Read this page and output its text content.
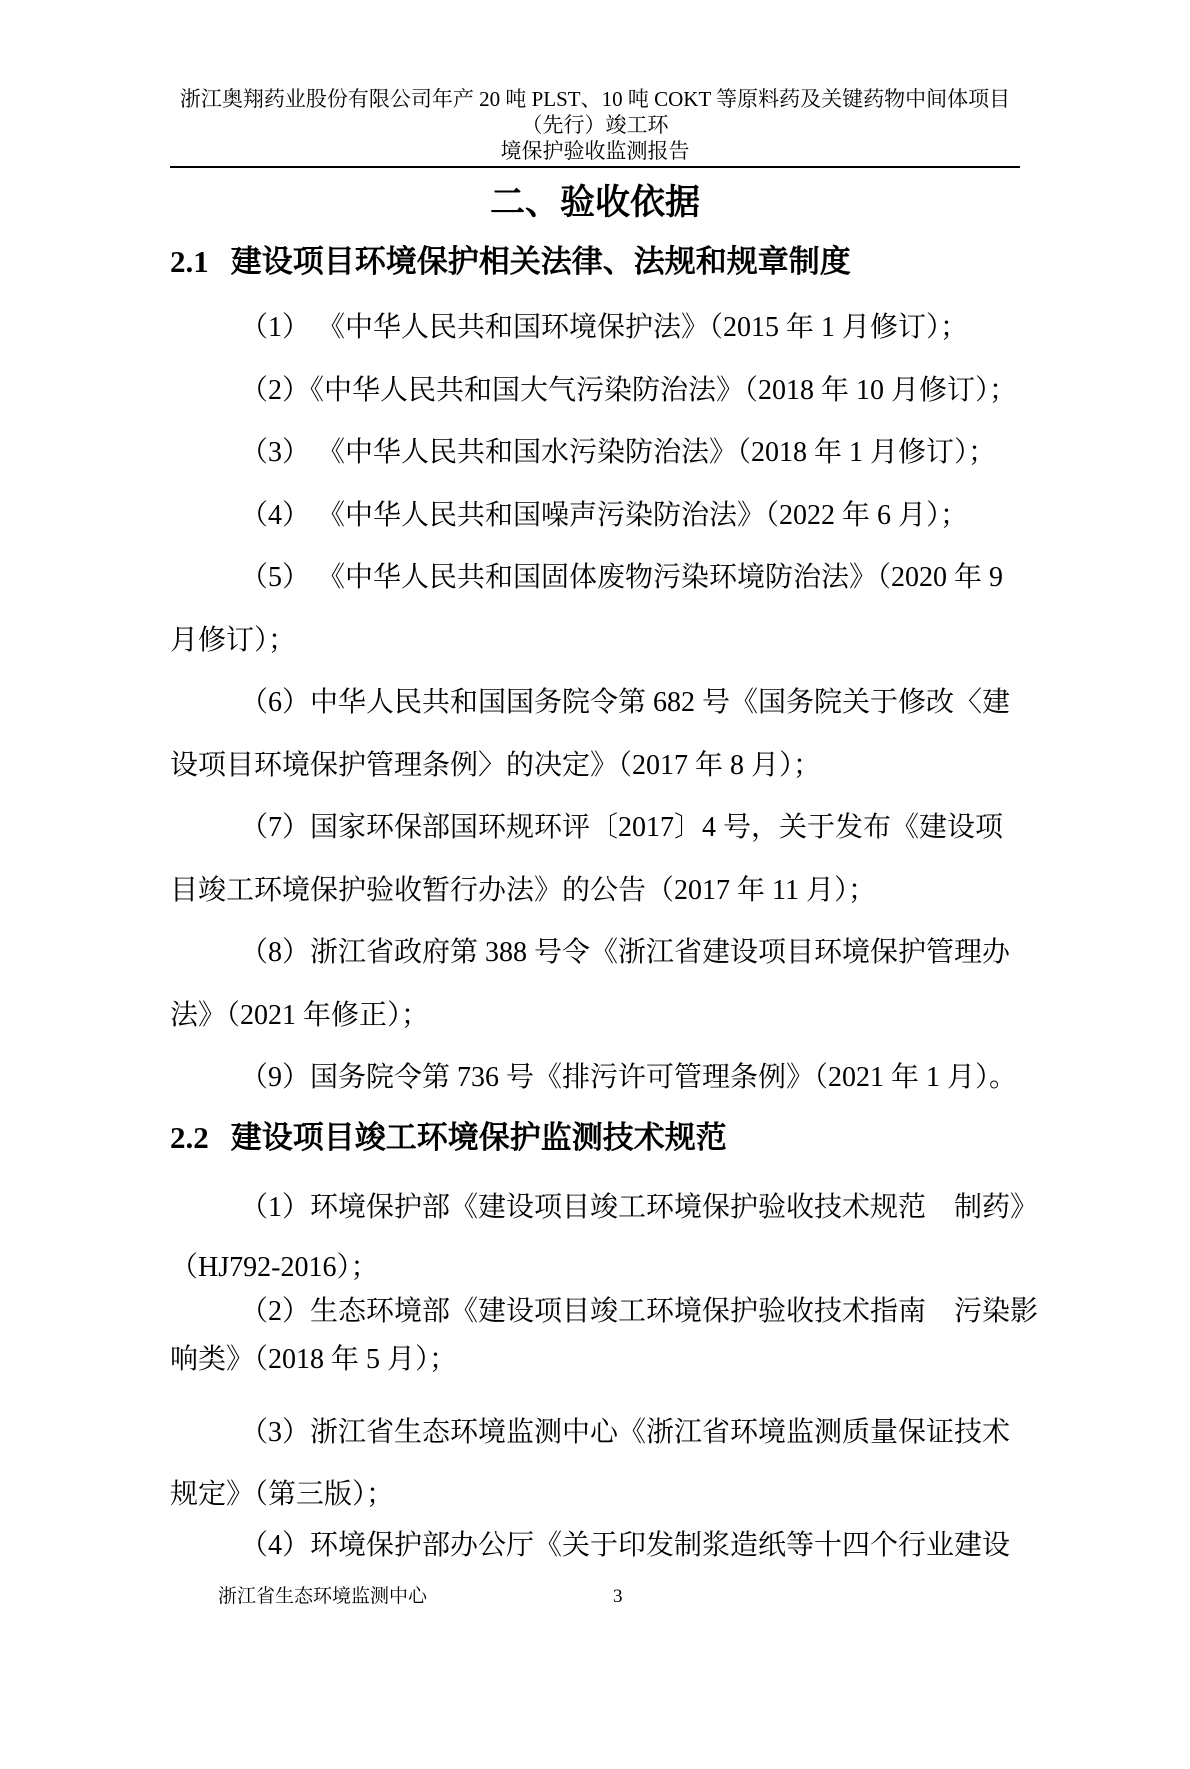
浙江奥翔药业股份有限公司年产 20 吨 PLST、10 吨 COKT 等原料药及关键药物中间体项目（先行）竣工环
境保护验收监测报告
二、验收依据
2.1 建设项目环境保护相关法律、法规和规章制度
（1） 《中华人民共和国环境保护法》（2015 年 1 月修订）；
（2）《中华人民共和国大气污染防治法》（2018 年 10 月修订）；
（3） 《中华人民共和国水污染防治法》（2018 年 1 月修订）；
（4） 《中华人民共和国噪声污染防治法》（2022 年 6 月）；
（5） 《中华人民共和国固体废物污染环境防治法》（2020 年 9
月修订）；
（6）中华人民共和国国务院令第 682 号《国务院关于修改〈建
设项目环境保护管理条例〉的决定》（2017 年 8 月）；
（7）国家环保部国环规环评〔2017〕4 号，关于发布《建设项
目竣工环境保护验收暂行办法》的公告（2017 年 11 月）；
（8）浙江省政府第 388 号令《浙江省建设项目环境保护管理办
法》（2021 年修正）；
（9）国务院令第 736 号《排污许可管理条例》（2021 年 1 月）。
2.2 建设项目竣工环境保护监测技术规范
（1）环境保护部《建设项目竣工环境保护验收技术规范　制药》
（HJ792-2016）；
（2）生态环境部《建设项目竣工环境保护验收技术指南　污染影
响类》（2018 年 5 月）；
（3）浙江省生态环境监测中心《浙江省环境监测质量保证技术
规定》（第三版）；
（4）环境保护部办公厅《关于印发制浆造纸等十四个行业建设
浙江省生态环境监测中心	3
